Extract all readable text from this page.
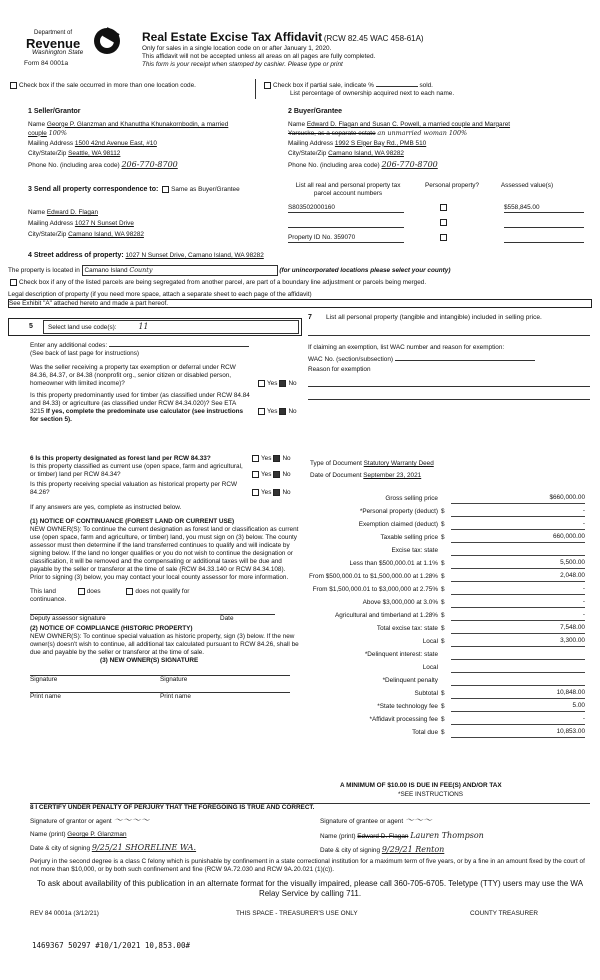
Department of
Revenue
Washington State
Form 84 0001a
Real Estate Excise Tax Affidavit (RCW 82.45 WAC 458-61A)
Only for sales in a single location code on or after January 1, 2020.
This affidavit will not be accepted unless all areas on all pages are fully completed.
This form is your receipt when stamped by cashier. Please type or print
Check box if the sale occurred in more than one location code.	Check box if partial sale, indicate %	sold.
List percentage of ownership acquired next to each name.
1 Seller/Grantor
Name George P. Glanzman and Khanuttha Khunakornbodin, a married
couple 100%
Mailing Address 1500 42nd Avenue East, #10
City/State/Zip Seattle, WA 98112
Phone No. (including area code) 206-770-8700
2 Buyer/Grantee
Name Edward D. Flagan and Susan C. Powell, a married couple and Margaret
Yarcusko, as a separate estate an unmarried woman 100%
Mailing Address 1992 S Elger Bay Rd., PMB 510
City/State/Zip Camano Island, WA 98282
Phone No. (including area code) 206-770-8700
3 Send all property correspondence to: Same as Buyer/Grantee
Name Edward D. Flagan
Mailing Address 1027 N Sunset Drive
City/State/Zip Camano Island, WA 98282
List all real and personal property tax parcel account numbers
Personal property?	Assessed value(s)
S803502000160	$558,845.00
Property ID No. 359070
4 Street address of property: 1027 N Sunset Drive, Camano Island, WA 98282
The property is located in Camano Island County	(for unincorporated locations please select your county)
Check box if any of the listed parcels are being segregated from another parcel, are part of a boundary line adjustment or parcels being merged.
Legal description of property (if you need more space, attach a separate sheet to each page of the affidavit)
See Exhibit "A" attached hereto and made a part hereof.
5	Select land use code(s):	11
Enter any additional codes:
(See back of last page for instructions)
Was the seller receiving a property tax exemption or deferral under RCW 84.36, 84.37, or 84.38 (nonprofit org., senior citizen or disabled person, homeowner with limited income)?	Yes No
Is this property predominantly used for timber (as classified under RCW 84.84 and 84.33) or agriculture (as classified under RCW 84.34.020)? See ETA 3215 If yes, complete the predominate use calculator (see instructions for section 5).
Yes No
7	List all personal property (tangible and intangible) included in selling price.
If claiming an exemption, list WAC number and reason for exemption:
WAC No. (section/subsection)
Reason for exemption
6 Is this property designated as forest land per RCW 84.33?	Yes No
Is this property classified as current use (open space, farm and agricultural, or timber) land per RCW 84.34?	Yes No
Is this property receiving special valuation as historical property per RCW 84.26?	Yes No
If any answers are yes, complete as instructed below.
(1) NOTICE OF CONTINUANCE (FOREST LAND OR CURRENT USE)
NEW OWNER(S): To continue the current designation as forest land or classification as current use (open space, farm and agriculture, or timber) land, you must sign on (3) below. The county assessor must then determine if the land transferred continues to qualify and will indicate by signing below. If the land no longer qualifies or you do not wish to continue the designation or classification, it will be removed and the compensating or additional taxes will be due and payable by the seller or transferor at the time of sale (RCW 84.33.140 or RCW 84.34.108). Prior to signing (3) below, you may contact your local county assessor for more information.
This land	does	does not qualify for
continuance.
Deputy assessor signature	Date
(2) NOTICE OF COMPLIANCE (HISTORIC PROPERTY)
NEW OWNER(S): To continue special valuation as historic property, sign (3) below. If the new owner(s) doesn't wish to continue, all additional tax calculated pursuant to RCW 84.26, shall be due and payable by the seller or transferor at the time of sale.
(3) NEW OWNER(S) SIGNATURE
Signature	Signature
Print name	Print name
Type of Document Statutory Warranty Deed
Date of Document September 23, 2021
Gross selling price	$660,000.00
*Personal property (deduct) $	-
Exemption claimed (deduct) $	-
Taxable selling price $	660,000.00
Excise tax: state
Less than $500,000.01 at 1.1% $	5,500.00
From $500,000.01 to $1,500,000.00 at 1.28% $	2,048.00
From $1,500,000.01 to $3,000,000 at 2.75% $	-
Above $3,000,000 at 3.0% $	-
Agricultural and timberland at 1.28% $	-
Total excise tax: state $	7,548.00
Local $	3,300.00
*Delinquent interest: state
Local
*Delinquent penalty
Subtotal $	10,848.00
*State technology fee $	5.00
*Affidavit processing fee $	-
Total due $	10,853.00
A MINIMUM OF $10.00 IS DUE IN FEE(S) AND/OR TAX
*SEE INSTRUCTIONS
8 I CERTIFY UNDER PENALTY OF PERJURY THAT THE FOREGOING IS TRUE AND CORRECT.
Signature of grantor or agent ～～～～
Name (print) George P. Glanzman
Date & city of signing 9/25/21 SHORELINE WA.
Signature of grantee or agent ～～～
Name (print) Edward D. Flagan Lauren Thompson
Date & city of signing 9/29/21 Renton
Perjury in the second degree is a class C felony which is punishable by confinement in a state correctional institution for a maximum term of five years, or by a fine in an amount fixed by the court of not more than $10,000, or by both such confinement and fine (RCW 9A.72.030 and RCW 9A.20.021 (1)(c)).
To ask about availability of this publication in an alternate format for the visually impaired, please call 360-705-6705. Teletype (TTY) users may use the WA Relay Service by calling 711.
REV 84 0001a (3/12/21)	THIS SPACE - TREASURER'S USE ONLY	COUNTY TREASURER
1469367 50297 #10/1/2021 10,853.00#
